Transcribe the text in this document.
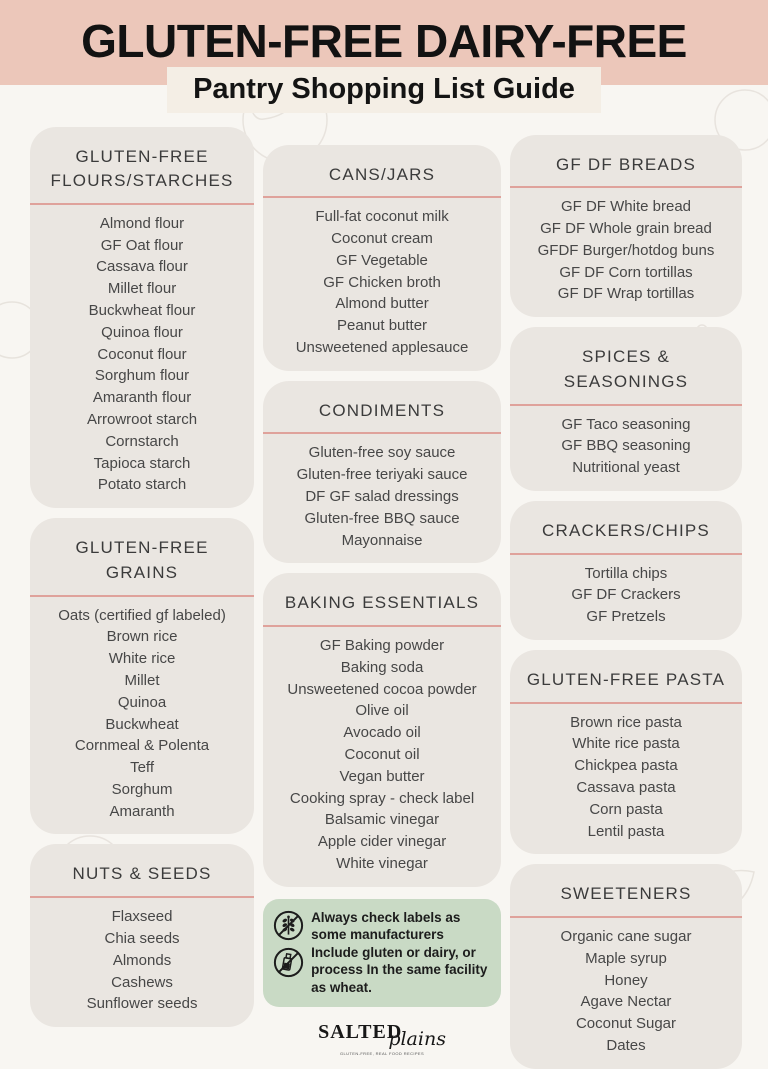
GLUTEN-FREE DAIRY-FREE
Pantry Shopping List Guide
GLUTEN-FREE FLOURS/STARCHES
Almond flour
GF Oat flour
Cassava flour
Millet flour
Buckwheat flour
Quinoa flour
Coconut flour
Sorghum flour
Amaranth flour
Arrowroot starch
Cornstarch
Tapioca starch
Potato starch
GLUTEN-FREE GRAINS
Oats (certified gf labeled)
Brown rice
White rice
Millet
Quinoa
Buckwheat
Cornmeal & Polenta
Teff
Sorghum
Amaranth
NUTS & SEEDS
Flaxseed
Chia seeds
Almonds
Cashews
Sunflower seeds
CANS/JARS
Full-fat coconut milk
Coconut cream
GF Vegetable
GF Chicken broth
Almond butter
Peanut butter
Unsweetened applesauce
CONDIMENTS
Gluten-free soy sauce
Gluten-free teriyaki sauce
DF GF salad dressings
Gluten-free BBQ sauce
Mayonnaise
BAKING ESSENTIALS
GF Baking powder
Baking soda
Unsweetened cocoa powder
Olive oil
Avocado oil
Coconut oil
Vegan butter
Cooking spray - check label
Balsamic vinegar
Apple cider vinegar
White vinegar
Always check labels as some manufacturers Include gluten or dairy, or process In the same facility as wheat.
SALTEDplains
GLUTEN-FREE, REAL FOOD RECIPES
GF DF BREADS
GF DF White bread
GF DF Whole grain bread
GFDF Burger/hotdog buns
GF DF Corn tortillas
GF DF Wrap tortillas
SPICES & SEASONINGS
GF Taco seasoning
GF BBQ seasoning
Nutritional yeast
CRACKERS/CHIPS
Tortilla chips
GF DF Crackers
GF Pretzels
GLUTEN-FREE PASTA
Brown rice pasta
White rice pasta
Chickpea pasta
Cassava pasta
Corn pasta
Lentil pasta
SWEETENERS
Organic cane sugar
Maple syrup
Honey
Agave Nectar
Coconut Sugar
Dates
